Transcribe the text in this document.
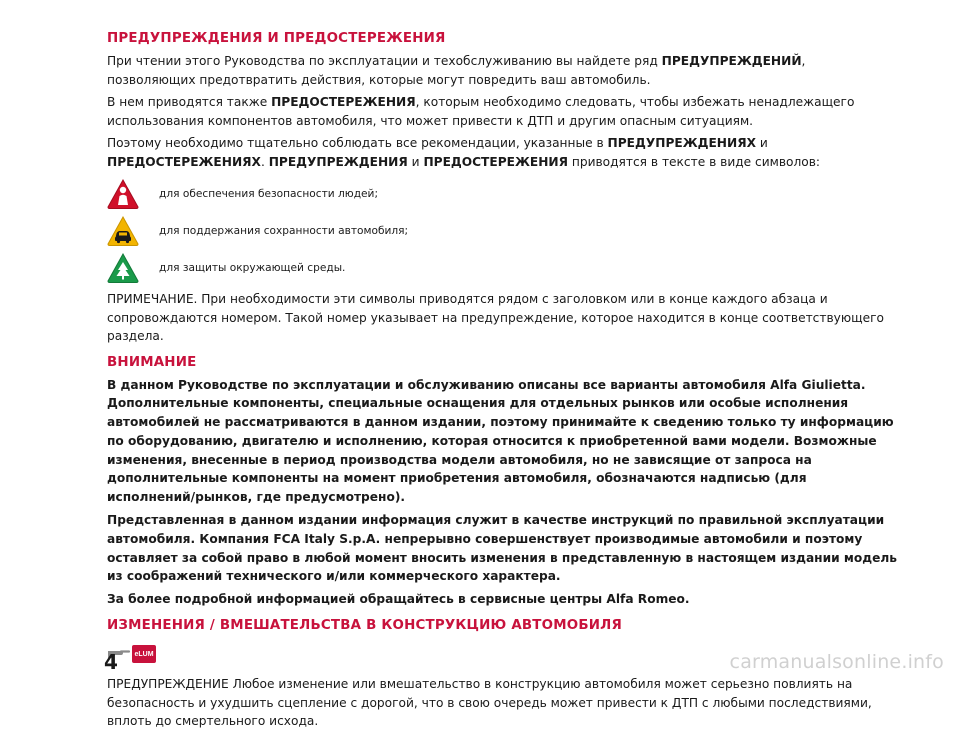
ПРЕДУПРЕЖДЕНИЯ И ПРЕДОСТЕРЕЖЕНИЯ

При чтении этого Руководства по эксплуатации и техобслуживанию вы найдете ряд ПРЕДУПРЕЖДЕНИЙ, позволяющих предотвратить действия, которые могут повредить ваш автомобиль.

В нем приводятся также ПРЕДОСТЕРЕЖЕНИЯ, которым необходимо следовать, чтобы избежать ненадлежащего использования компонентов автомобиля, что может привести к ДТП и другим опасным ситуациям.

Поэтому необходимо тщательно соблюдать все рекомендации, указанные в ПРЕДУПРЕЖДЕНИЯХ и ПРЕДОСТЕРЕЖЕНИЯХ. ПРЕДУПРЕЖДЕНИЯ и ПРЕДОСТЕРЕЖЕНИЯ приводятся в тексте в виде символов:

для обеспечения безопасности людей;
для поддержания сохранности автомобиля;
для защиты окружающей среды.

ПРИМЕЧАНИЕ. При необходимости эти символы приводятся рядом с заголовком или в конце каждого абзаца и сопровождаются номером. Такой номер указывает на предупреждение, которое находится в конце соответствующего раздела.

ВНИМАНИЕ

В данном Руководстве по эксплуатации и обслуживанию описаны все варианты автомобиля Alfa Giulietta. Дополнительные компоненты, специальные оснащения для отдельных рынков или особые исполнения автомобилей не рассматриваются в данном издании, поэтому принимайте к сведению только ту информацию по оборудованию, двигателю и исполнению, которая относится к приобретенной вами модели. Возможные изменения, внесенные в период производства модели автомобиля, но не зависящие от запроса на дополнительные компоненты на момент приобретения автомобиля, обозначаются надписью (для исполнений/рынков, где предусмотрено).

Представленная в данном издании информация служит в качестве инструкций по правильной эксплуатации автомобиля. Компания FCA Italy S.p.A. непрерывно совершенствует производимые автомобили и поэтому оставляет за собой право в любой момент вносить изменения в представленную в настоящем издании модель из соображений технического и/или коммерческого характера.

За более подробной информацией обращайтесь в сервисные центры Alfa Romeo.

ИЗМЕНЕНИЯ / ВМЕШАТЕЛЬСТВА В КОНСТРУКЦИЮ АВТОМОБИЛЯ
eLUM

ПРЕДУПРЕЖДЕНИЕ Любое изменение или вмешательство в конструкцию автомобиля может серьезно повлиять на безопасность и ухудшить сцепление с дорогой, что в свою очередь может привести к ДТП с любыми последствиями, вплоть до смертельного исхода.

4	carmanualsonline.info
